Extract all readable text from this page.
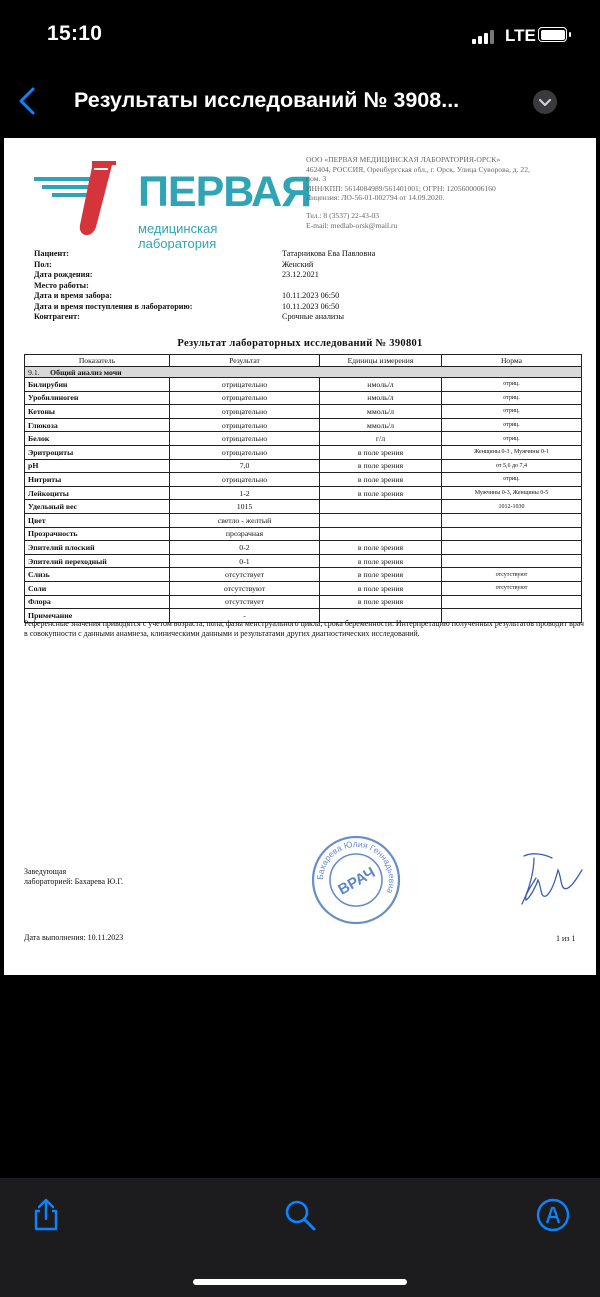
15:10	LTE
Результаты исследований № 3908...
ПЕРВАЯ
медицинская лаборатория
ООО «ПЕРВАЯ МЕДИЦИНСКАЯ ЛАБОРАТОРИЯ-ОРСК»
462404, РОССИЯ, Оренбургская обл., г. Орск, Улица Суворова, д. 22,
пом. 3
ИНН/КПП: 5614084989/561401001; ОГРН: 1205600006160
Лицензия: ЛО-56-01-002794 от 14.09.2020.
Тел.: 8 (3537) 22-43-03
E-mail: medlab-orsk@mail.ru
Пациент:	Татарникова Ева Павловна
Пол:	Женский
Дата рождения:	23.12.2021
Место работы:
Дата и время забора:	10.11.2023 06:50
Дата и время поступления в лабораторию:	10.11.2023 06:50
Контрагент:	Срочные анализы
Результат лабораторных исследований № 390801
Показатель	Результат	Единицы измерения	Норма
9.1. Общий анализ мочи			
Билирубин	отрицательно	нмоль/л	отриц.
Уробилиноген	отрицательно	нмоль/л	отриц.
Кетоны	отрицательно	ммоль/л	отриц.
Глюкоза	отрицательно	ммоль/л	отриц.
Белок	отрицательно	г/л	отриц.
Эритроциты	отрицательно	в поле зрения	Женщины 0-3 , Мужчины 0-1
pH	7,0	в поле зрения	от 5,6 до 7,4
Нитриты	отрицательно	в поле зрения	отриц.
Лейкоциты	1-2	в поле зрения	Мужчины 0-3, Женщины 0-5
Удельный вес	1015		1012-1030
Цвет	светло - желтый		
Прозрачность	прозрачная		
Эпителий плоский	0-2	в поле зрения	
Эпителий переходный	0-1	в поле зрения	
Слизь	отсутствует	в поле зрения	отсутствуют
Соли	отсутствуют	в поле зрения	отсутствуют
Флора	отсутствует	в поле зрения	
Примечание	-		
Референсные значения приводятся с учетом возраста, пола, фазы менструального цикла, срока беременности. Интерпретацию полученных результатов проводит врач в совокупности с данными анамнеза, клиническими данными и результатами других диагностических исследований.
Заведующая
лабораторией: Бахарева Ю.Г.	Бахарева Юлия Геннадьевна
ВРАЧ
Дата выполнения: 10.11.2023	1 из 1
